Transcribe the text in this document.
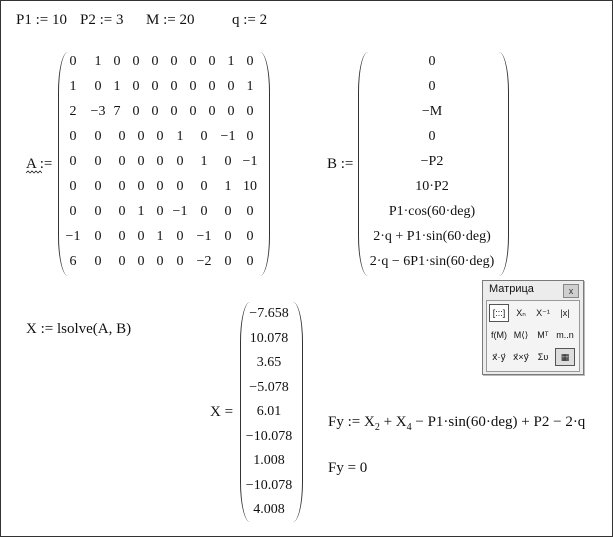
P1 := 10 P2 := 3 M := 20	q := 2
A :=
0	1 0 0 0 0 0 0 1 0
1	0 1 0 0 0 0 0 0 1
2	−3 7 0 0 0 0 0 0 0
0	0	0 0 0 1	0 −1 0
0	0	0 0 0 0	1	0 −1
0	0	0 0 0 0	0	1 10
0	0	0 1 0 −1 0	0	0
−1	0	0 0 1 0 −1 0	0
6	0	0 0 0 0 −2 0	0
B :=
0
0
−M
0
−P2
10·P2
P1·cos(60·deg)
2·q + P1·sin(60·deg)
2·q − 6P1·sin(60·deg)
X := lsolve(A, B)
X =
−7.658
10.078
3.65
−5.078
6.01
−10.078
1.008
−10.078
4.008
Fy := $X_2 + X_4 - P1\cdot\sin(60\cdot deg) + P2 - 2\cdot q$
Fy = 0
Матрица	x
[:::]	Xₙ	X⁻¹	|x|
f(M) M⟨⟩	Mᵀ m..n
x⃗·y⃗ x⃗×y⃗ Συ	▦
